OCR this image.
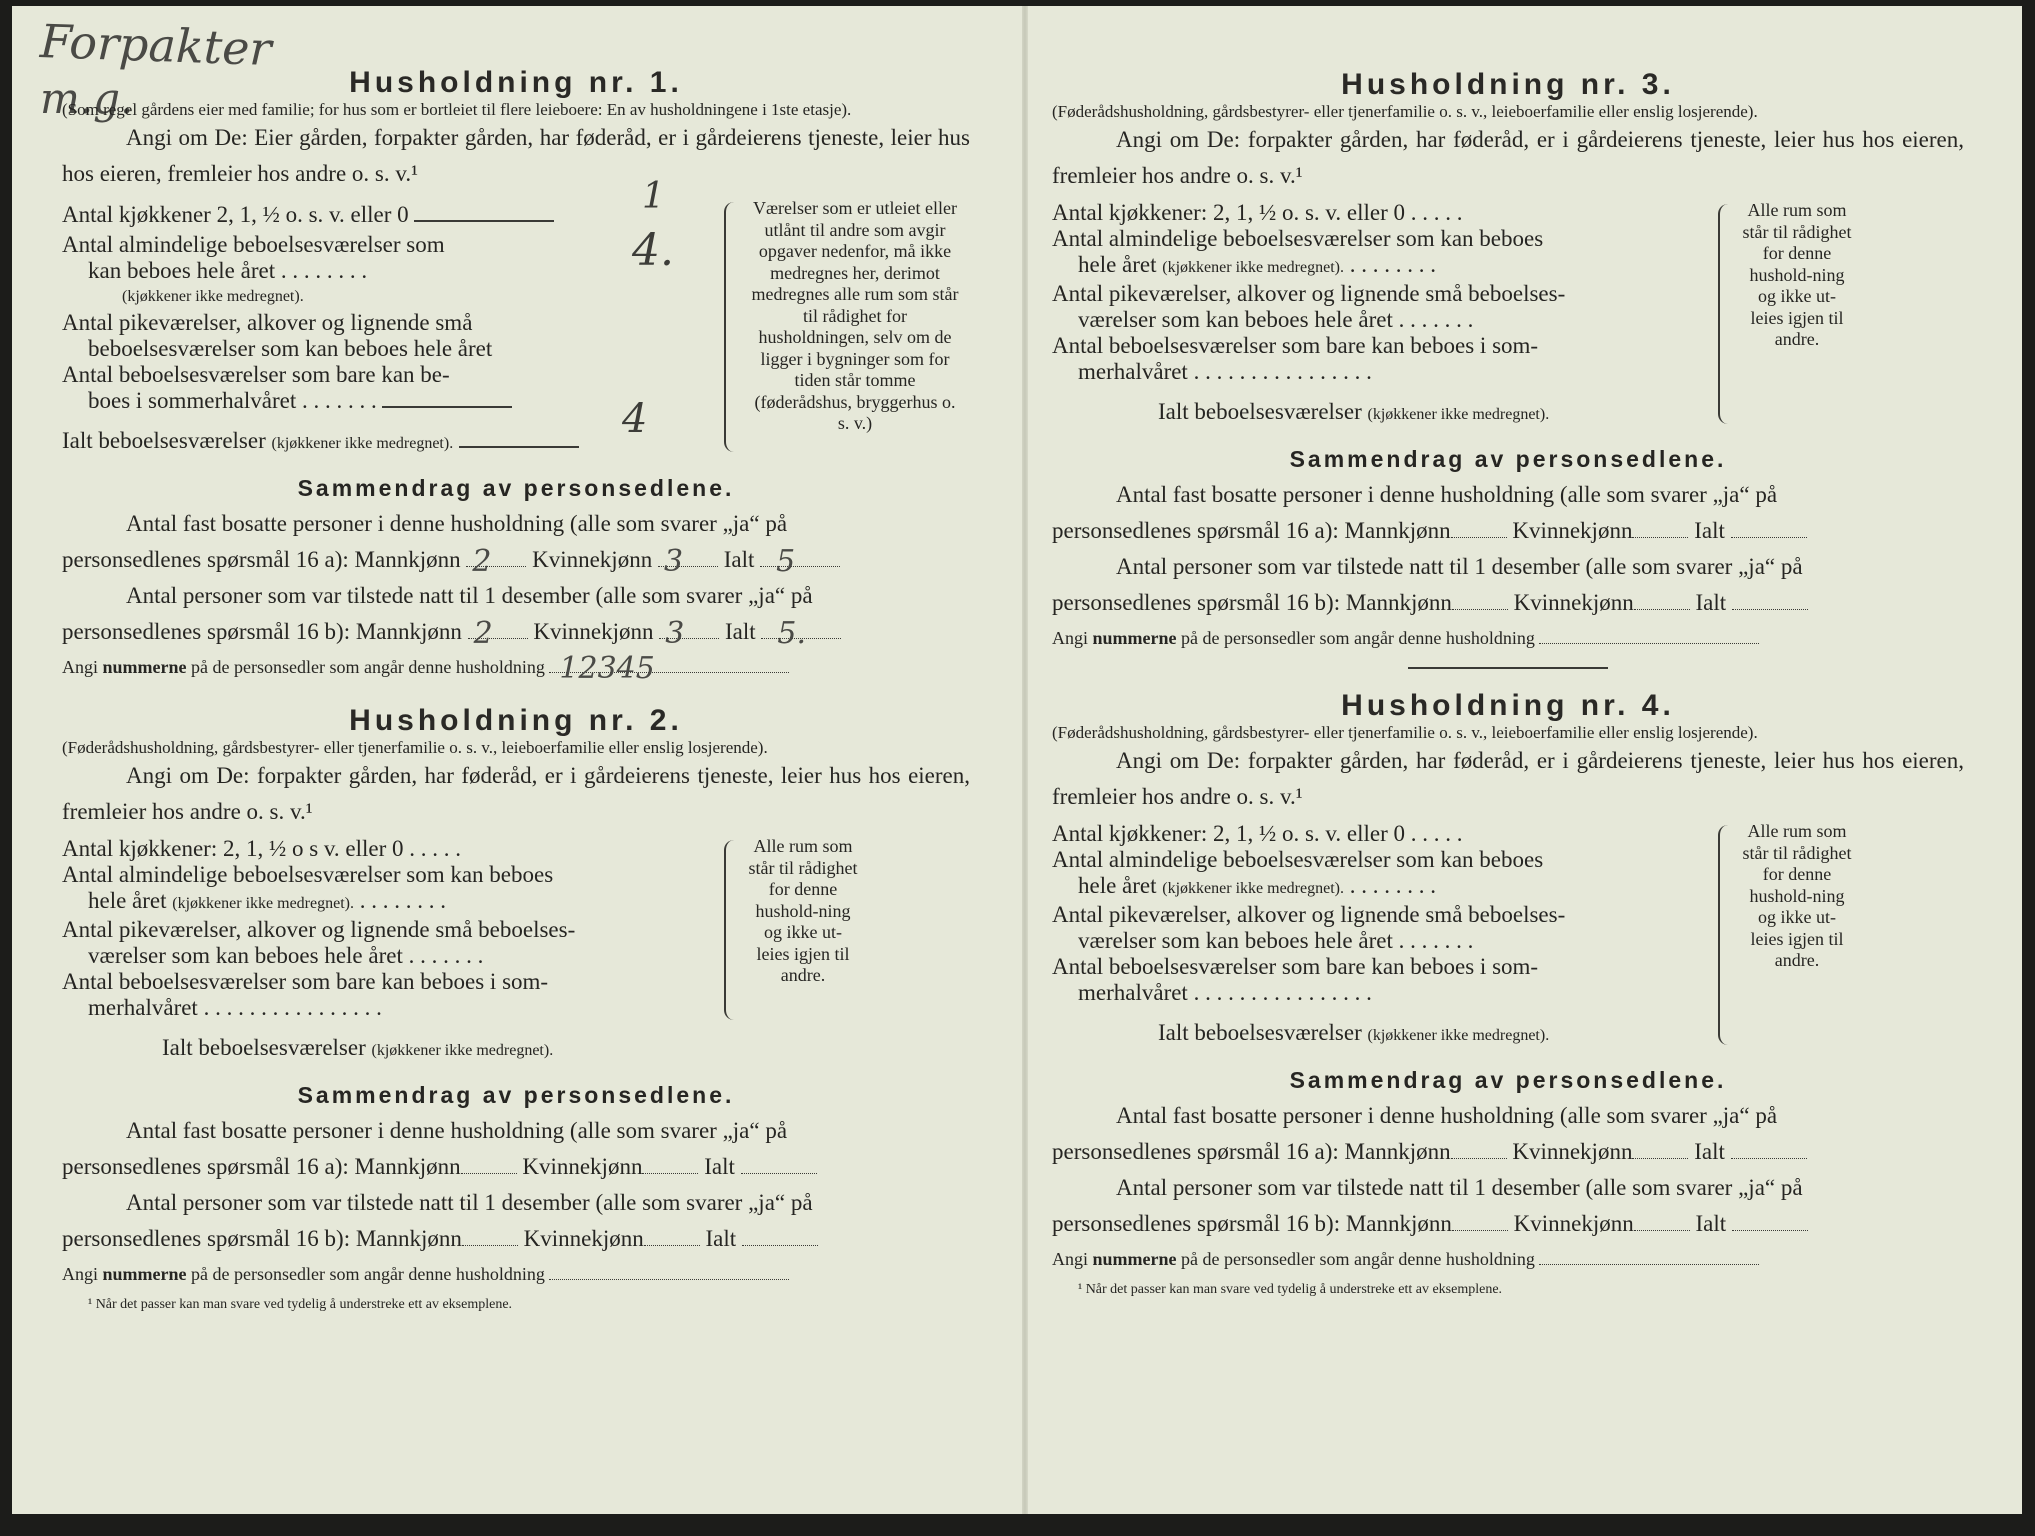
Forpakter
m.g.	Husholdning nr. 1.

(Som regel gårdens eier med familie; for hus som er bortleiet til flere leieboere: En av husholdningene i 1ste etasje).

Angi om De: Eier gården, forpakter gården, har føderåd, er i gårdeierens tjeneste, leier hus hos eieren, fremleier hos andre o. s. v.¹

Antal kjøkkener 2, 1, ½ o. s. v. eller 0	1
Antal almindelige beboelsesværelser som
kan beboes hele året . . . . . . . .
(kjøkkener ikke medregnet).
4.
Antal pikeværelser, alkover og lignende små
beboelsesværelser som kan beboes hele året
Antal beboelsesværelser som bare kan be-
boes i sommerhalvåret . . . . . . .
Ialt beboelsesværelser (kjøkkener ikke medregnet).
4
Værelser som er utleiet eller utlånt til andre som avgir opgaver nedenfor, må ikke medregnes her, derimot medregnes alle rum som står til rådighet for husholdningen, selv om de ligger i bygninger som for tiden står tomme (føderådshus, bryggerhus o. s. v.)
Sammendrag av personsedlene.

Antal fast bosatte personer i denne husholdning (alle som svarer „ja“ på

personsedlenes spørsmål 16 a): Mannkjønn 2 Kvinnekjønn 3 Ialt 5

Antal personer som var tilstede natt til 1 desember (alle som svarer „ja“ på

personsedlenes spørsmål 16 b): Mannkjønn 2 Kvinnekjønn 3 Ialt 5.

Angi nummerne på de personsedler som angår denne husholdning 12345
Husholdning nr. 2.

(Føderådshusholdning, gårdsbestyrer- eller tjenerfamilie o. s. v., leieboerfamilie eller enslig losjerende).

Angi om De: forpakter gården, har føderåd, er i gårdeierens tjeneste, leier hus hos eieren, fremleier hos andre o. s. v.¹

Antal kjøkkener: 2, 1, ½ o s v. eller 0 . . . . .
Antal almindelige beboelsesværelser som kan beboes
hele året (kjøkkener ikke medregnet). . . . . . . . .
Antal pikeværelser, alkover og lignende små beboelses-
værelser som kan beboes hele året . . . . . . .
Antal beboelsesværelser som bare kan beboes i som-
merhalvåret . . . . . . . . . . . . . . . .
Ialt beboelsesværelser (kjøkkener ikke medregnet).
Alle rum som står til rådighet for denne hushold-ning og ikke ut-leies igjen til andre.
Sammendrag av personsedlene.

Antal fast bosatte personer i denne husholdning (alle som svarer „ja“ på

personsedlenes spørsmål 16 a): Mannkjønn	Kvinnekjønn	Ialt

Antal personer som var tilstede natt til 1 desember (alle som svarer „ja“ på

personsedlenes spørsmål 16 b): Mannkjønn	Kvinnekjønn	Ialt

Angi nummerne på de personsedler som angår denne husholdning
¹ Når det passer kan man svare ved tydelig å understreke ett av eksemplene.
Husholdning nr. 3.

(Føderådshusholdning, gårdsbestyrer- eller tjenerfamilie o. s. v., leieboerfamilie eller enslig losjerende).

Angi om De: forpakter gården, har føderåd, er i gårdeierens tjeneste, leier hus hos eieren, fremleier hos andre o. s. v.¹

Antal kjøkkener: 2, 1, ½ o. s. v. eller 0 . . . . .
Antal almindelige beboelsesværelser som kan beboes
hele året (kjøkkener ikke medregnet). . . . . . . . .
Antal pikeværelser, alkover og lignende små beboelses-
værelser som kan beboes hele året . . . . . . .
Antal beboelsesværelser som bare kan beboes i som-
merhalvåret . . . . . . . . . . . . . . . .
Ialt beboelsesværelser (kjøkkener ikke medregnet).
Alle rum som står til rådighet for denne hushold-ning og ikke ut-leies igjen til andre.
Sammendrag av personsedlene.

Antal fast bosatte personer i denne husholdning (alle som svarer „ja“ på

personsedlenes spørsmål 16 a): Mannkjønn	Kvinnekjønn	Ialt

Antal personer som var tilstede natt til 1 desember (alle som svarer „ja“ på

personsedlenes spørsmål 16 b): Mannkjønn	Kvinnekjønn	Ialt

Angi nummerne på de personsedler som angår denne husholdning
Husholdning nr. 4.

(Føderådshusholdning, gårdsbestyrer- eller tjenerfamilie o. s. v., leieboerfamilie eller enslig losjerende).

Angi om De: forpakter gården, har føderåd, er i gårdeierens tjeneste, leier hus hos eieren, fremleier hos andre o. s. v.¹

Antal kjøkkener: 2, 1, ½ o. s. v. eller 0 . . . . .
Antal almindelige beboelsesværelser som kan beboes
hele året (kjøkkener ikke medregnet). . . . . . . . .
Antal pikeværelser, alkover og lignende små beboelses-
værelser som kan beboes hele året . . . . . . .
Antal beboelsesværelser som bare kan beboes i som-
merhalvåret . . . . . . . . . . . . . . . .
Ialt beboelsesværelser (kjøkkener ikke medregnet).
Alle rum som står til rådighet for denne hushold-ning og ikke ut-leies igjen til andre.
Sammendrag av personsedlene.

Antal fast bosatte personer i denne husholdning (alle som svarer „ja“ på

personsedlenes spørsmål 16 a): Mannkjønn	Kvinnekjønn	Ialt

Antal personer som var tilstede natt til 1 desember (alle som svarer „ja“ på

personsedlenes spørsmål 16 b): Mannkjønn	Kvinnekjønn	Ialt

Angi nummerne på de personsedler som angår denne husholdning
¹ Når det passer kan man svare ved tydelig å understreke ett av eksemplene.
